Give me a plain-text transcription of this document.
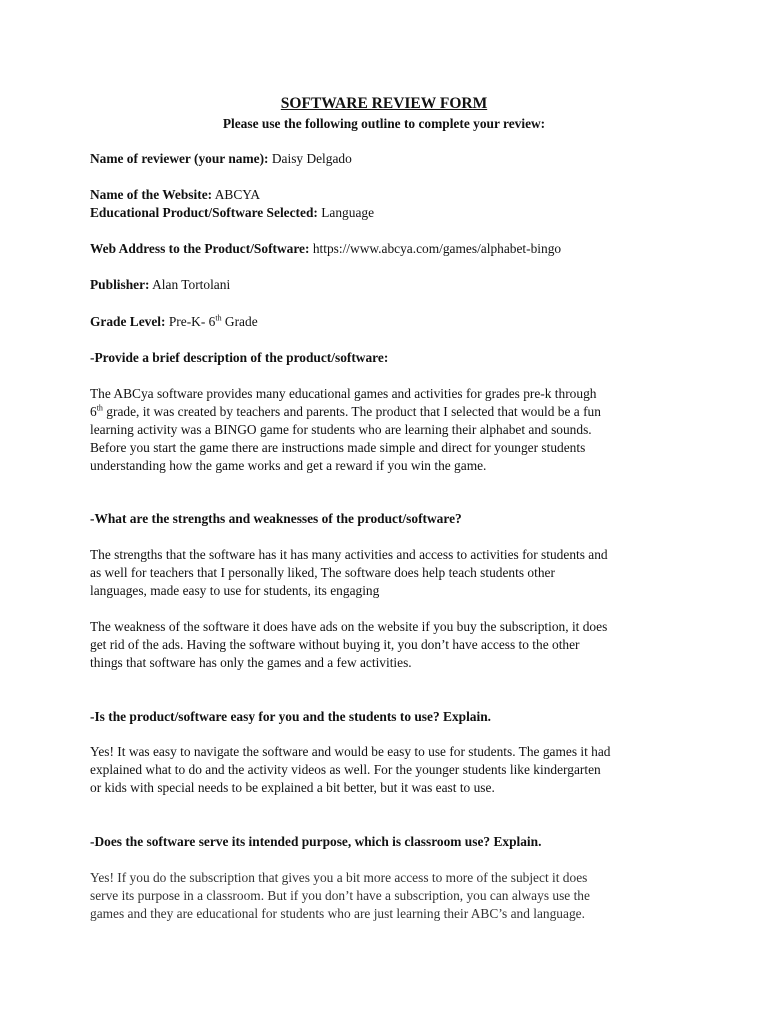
SOFTWARE REVIEW FORM
Please use the following outline to complete your review:
Name of reviewer (your name): Daisy Delgado
Name of the Website: ABCYA
Educational Product/Software Selected: Language
Web Address to the Product/Software: https://www.abcya.com/games/alphabet-bingo
Publisher: Alan Tortolani
Grade Level: Pre-K- 6th Grade
-Provide a brief description of the product/software:
The ABCya software provides many educational games and activities for grades pre-k through
6th grade, it was created by teachers and parents. The product that I selected that would be a fun
learning activity was a BINGO game for students who are learning their alphabet and sounds.
Before you start the game there are instructions made simple and direct for younger students
understanding how the game works and get a reward if you win the game.
-What are the strengths and weaknesses of the product/software?
The strengths that the software has it has many activities and access to activities for students and
as well for teachers that I personally liked, The software does help teach students other
languages, made easy to use for students, its engaging
The weakness of the software it does have ads on the website if you buy the subscription, it does
get rid of the ads. Having the software without buying it, you don’t have access to the other
things that software has only the games and a few activities.
-Is the product/software easy for you and the students to use? Explain.
Yes! It was easy to navigate the software and would be easy to use for students. The games it had
explained what to do and the activity videos as well. For the younger students like kindergarten
or kids with special needs to be explained a bit better, but it was east to use.
-Does the software serve its intended purpose, which is classroom use? Explain.
Yes! If you do the subscription that gives you a bit more access to more of the subject it does
serve its purpose in a classroom. But if you don’t have a subscription, you can always use the
games and they are educational for students who are just learning their ABC’s and language.
